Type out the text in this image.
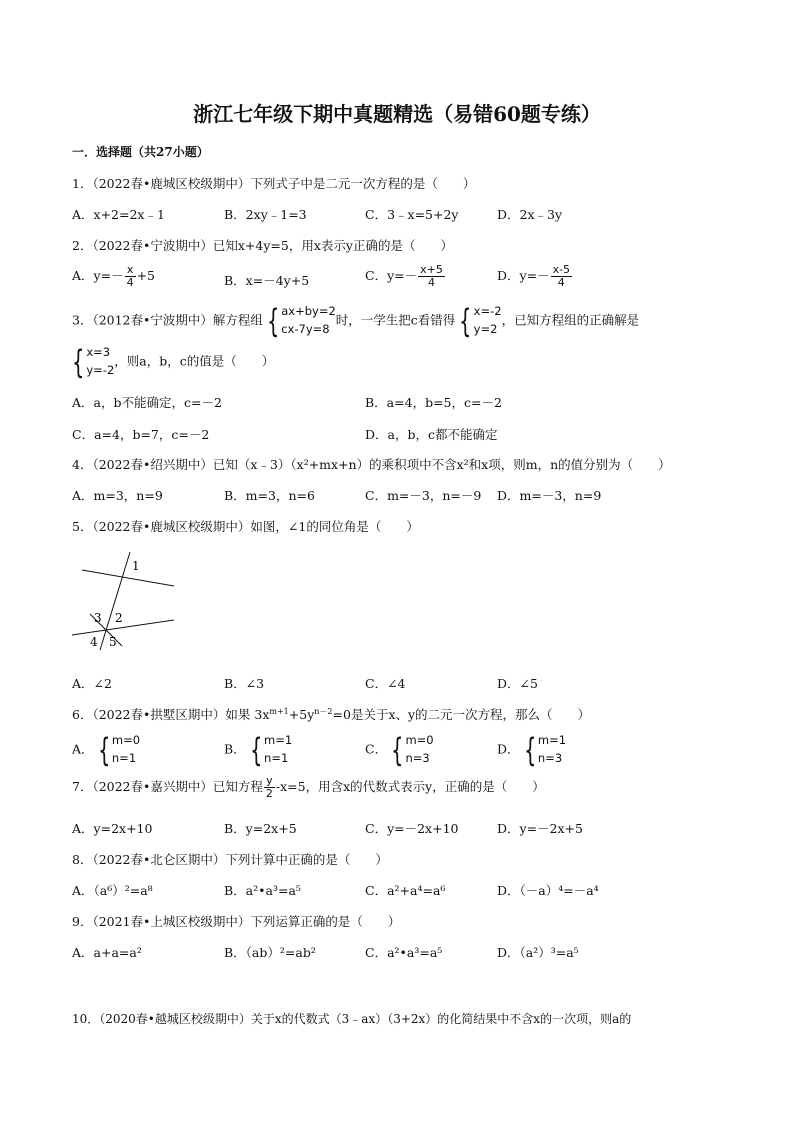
浙江七年级下期中真题精选（易错60题专练）
一．选择题（共27小题）
1．（2022春•鹿城区校级期中）下列式子中是二元一次方程的是（　　）
A．x+2=2x﹣1	B．2xy﹣1=3	C．3﹣x=5+2y	D．2x﹣3y
2．（2022春•宁波期中）已知x+4y=5，用x表示y正确的是（　　）
A．$y=- \frac{x}{4} +5$	B．x=－4y+5	C．$y=- \frac{x+5}{4}$	D．$y=- \frac{x-5}{4}$
3．（2012春•宁波期中）解方程组 { ax+by=2
cx-7y=8
时，一学生把c看错得 { x=-2
y=2
，已知方程组的正确解是
{ x=3
y=-2
，则a，b，c的值是（　　）
A．a，b不能确定，c=－2	B．a=4，b=5，c=－2
C．a=4，b=7，c=－2	D．a，b，c都不能确定
4．（2022春•绍兴期中）已知（x﹣3）（x²+mx+n）的乘积项中不含x²和x项，则m，n的值分别为（　　）
A．m=3，n=9	B．m=3，n=6	C．m=－3，n=－9 D．m=－3，n=9
5．（2022春•鹿城区校级期中）如图，∠1的同位角是（　　）
1
2
3
4 5
A．∠2	B．∠3	C．∠4	D．∠5
6．（2022春•拱墅区期中）如果 $3x^{m+1}+5y^{n-2}=0$是关于x、y的二元一次方程，那么（　　）
A． { m=0
n=1
B． { m=1
n=1
C． { m=0
n=3
D． { m=1
n=3
7．（2022春•嘉兴期中）已知方程 $\frac{y}{2} -x=5$，用含x的代数式表示y，正确的是（　　）
A．y=2x+10	B．y=2x+5	C．y=－2x+10	D．y=－2x+5
8．（2022春•北仑区期中）下列计算中正确的是（　　）
A．（a⁶）²=a⁸	B．a²•a³=a⁵	C．a²+a⁴=a⁶	D．（－a）⁴=－a⁴
9．（2021春•上城区校级期中）下列运算正确的是（　　）
A．a+a=a²	B．（ab）²=ab²	C．a²•a³=a⁵	D．（a²）³=a⁵
10．（2020春•越城区校级期中）关于x的代数式（3﹣ax）（3+2x）的化简结果中不含x的一次项，则a的
